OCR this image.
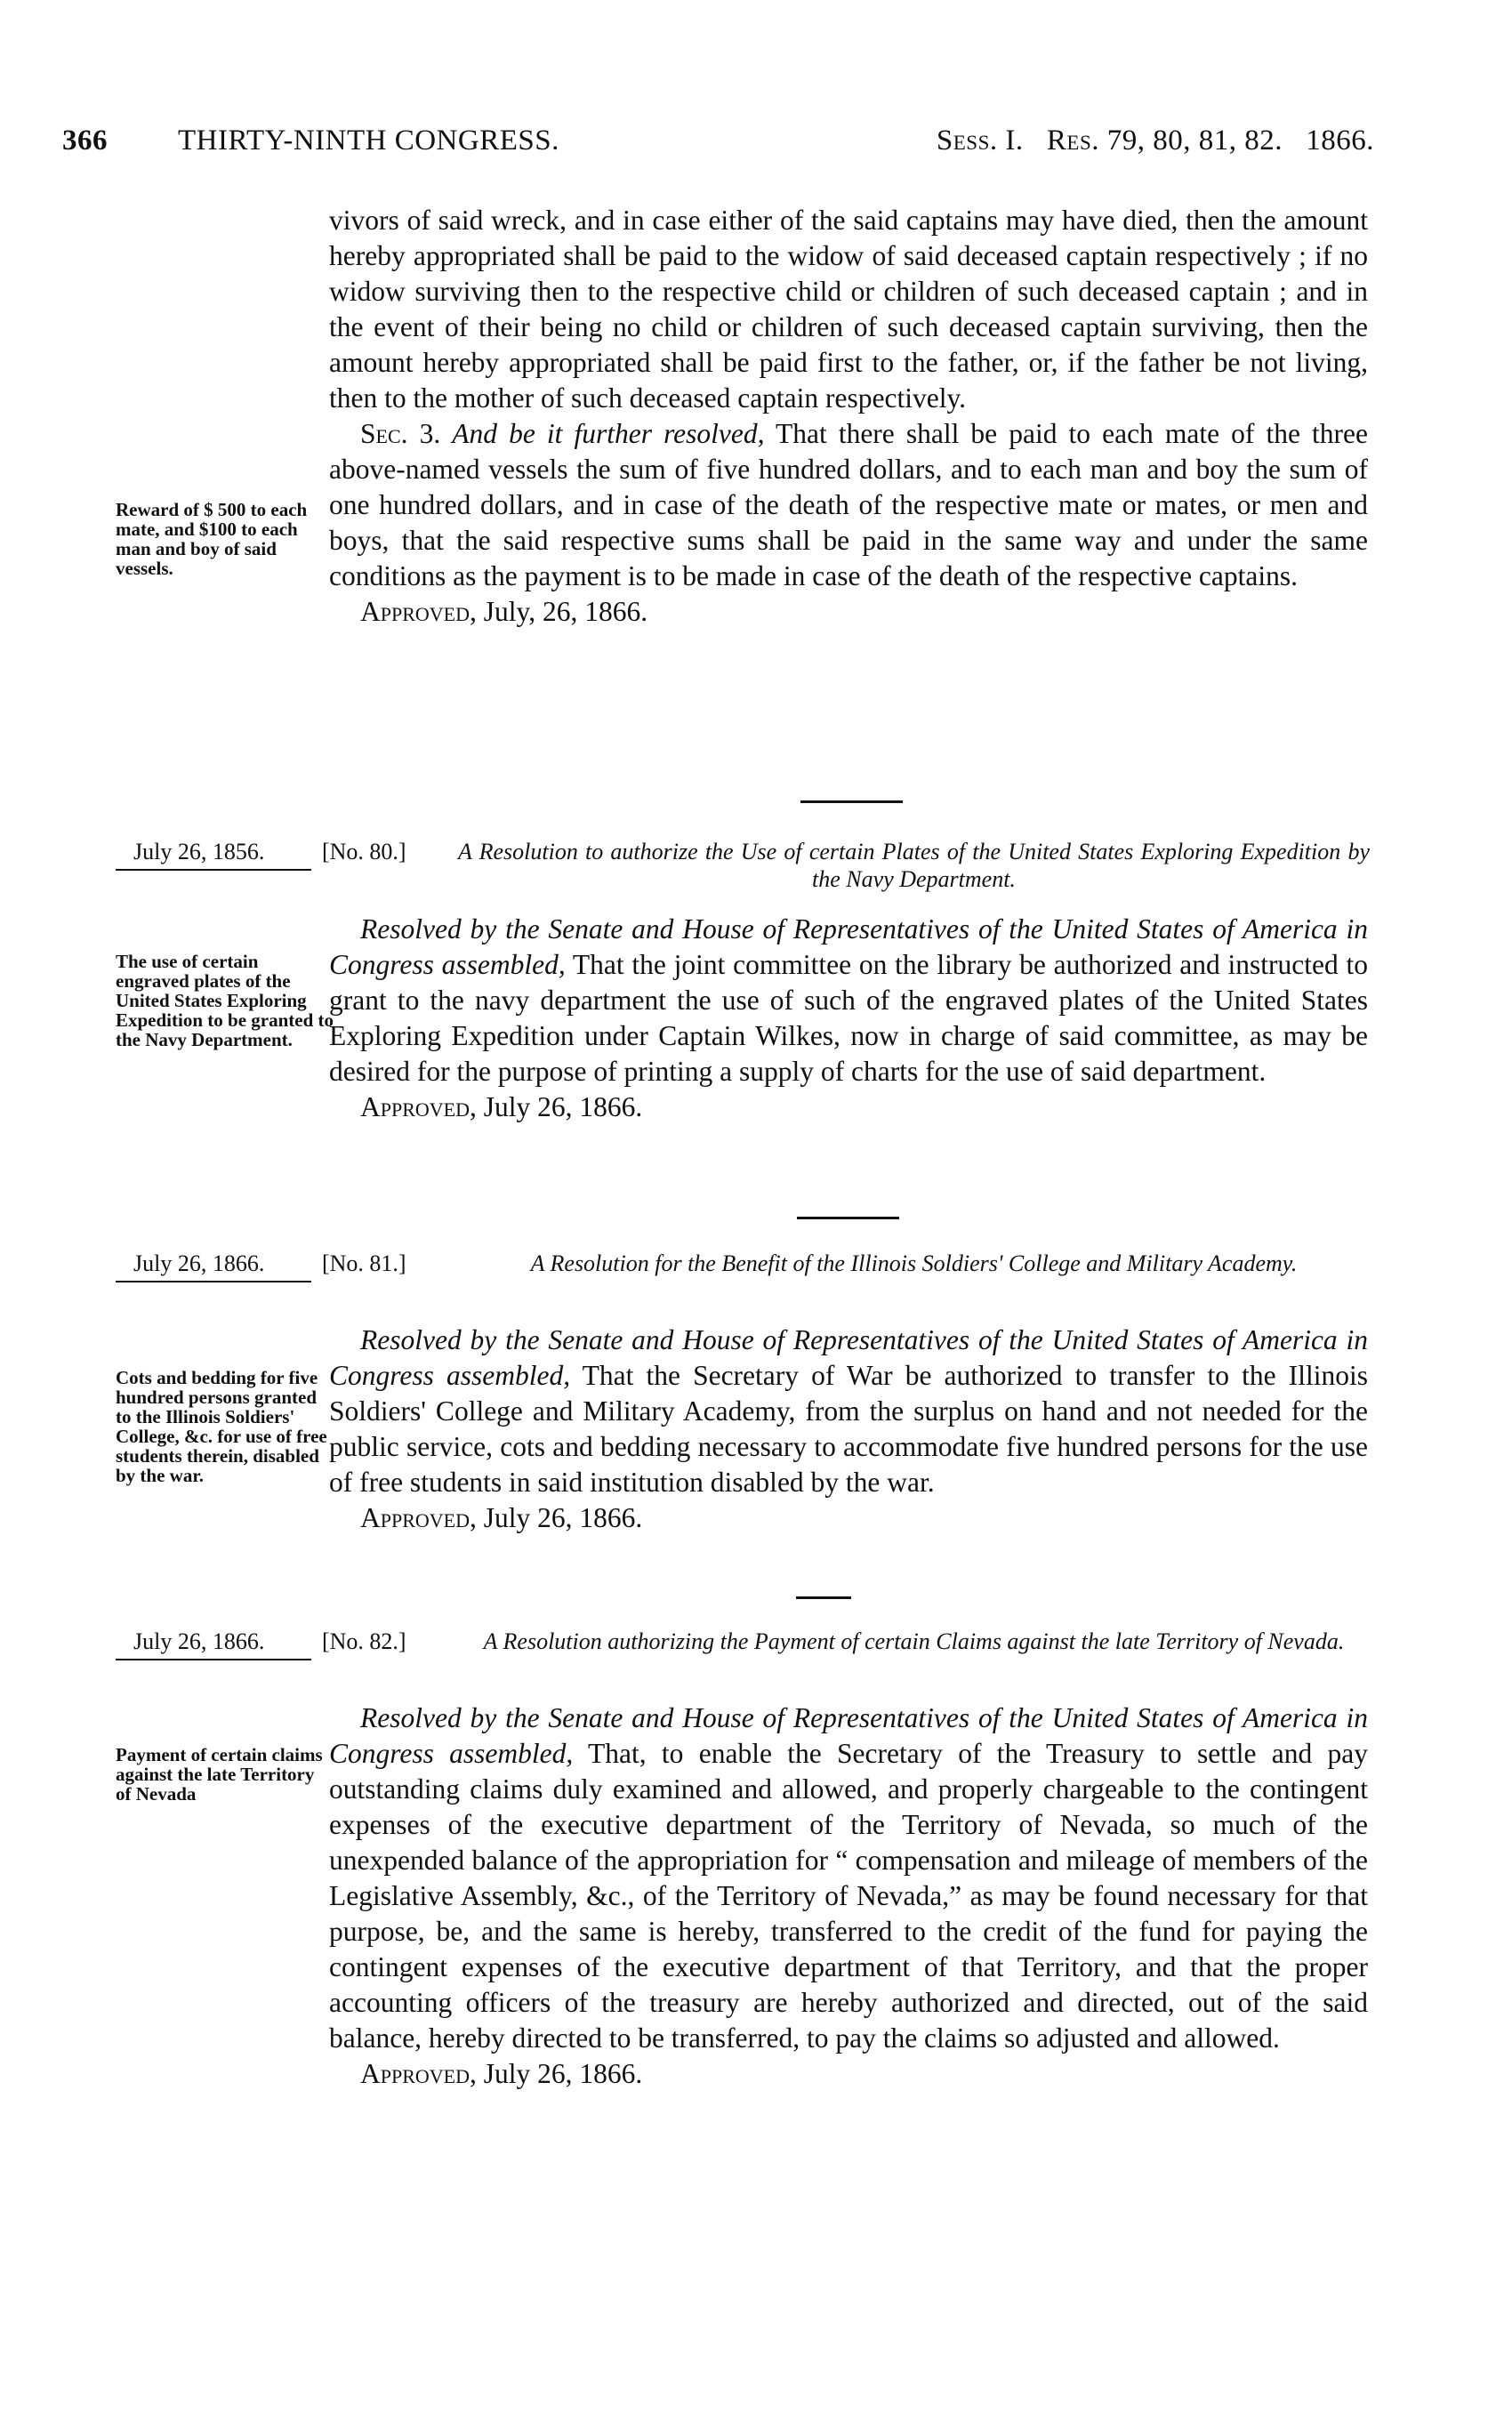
366 THIRTY-NINTH CONGRESS.	Sess. I. Res. 79, 80, 81, 82. 1866.

vivors of said wreck, and in case either of the said captains may have died, then the amount hereby appropriated shall be paid to the widow of said deceased captain respectively ; if no widow surviving then to the respective child or children of such deceased captain ; and in the event of their being no child or children of such deceased captain surviving, then the amount hereby appropriated shall be paid first to the father, or, if the father be not living, then to the mother of such deceased captain respectively.

Sec. 3. And be it further resolved, That there shall be paid to each mate of the three above-named vessels the sum of five hundred dollars, and to each man and boy the sum of one hundred dollars, and in case of the death of the respective mate or mates, or men and boys, that the said respective sums shall be paid in the same way and under the same conditions as the payment is to be made in case of the death of the respective captains.

Approved, July, 26, 1866.

Reward of $ 500 to each mate, and $100 to each man and boy of said vessels.
July 26, 1856.	[No. 80.] A Resolution to authorize the Use of certain Plates of the United States Exploring Expedition by the Navy Department.

Resolved by the Senate and House of Representatives of the United States of America in Congress assembled, That the joint committee on the library be authorized and instructed to grant to the navy department the use of such of the engraved plates of the United States Exploring Expedition under Captain Wilkes, now in charge of said committee, as may be desired for the purpose of printing a supply of charts for the use of said department.

Approved, July 26, 1866.

The use of certain engraved plates of the United States Exploring Expedition to be granted to the Navy Department.
July 26, 1866.	[No. 81.]	A Resolution for the Benefit of the Illinois Soldiers' College and Military Academy.

Resolved by the Senate and House of Representatives of the United States of America in Congress assembled, That the Secretary of War be authorized to transfer to the Illinois Soldiers' College and Military Academy, from the surplus on hand and not needed for the public service, cots and bedding necessary to accommodate five hundred persons for the use of free students in said institution disabled by the war.

Approved, July 26, 1866.

Cots and bedding for five hundred persons granted to the Illinois Soldiers' College, &c. for use of free students therein, disabled by the war.
July 26, 1866.	[No. 82.]	A Resolution authorizing the Payment of certain Claims against the late Territory of Nevada.

Resolved by the Senate and House of Representatives of the United States of America in Congress assembled, That, to enable the Secretary of the Treasury to settle and pay outstanding claims duly examined and allowed, and properly chargeable to the contingent expenses of the executive department of the Territory of Nevada, so much of the unexpended balance of the appropriation for “ compensation and mileage of members of the Legislative Assembly, &c., of the Territory of Nevada,” as may be found necessary for that purpose, be, and the same is hereby, transferred to the credit of the fund for paying the contingent expenses of the executive department of that Territory, and that the proper accounting officers of the treasury are hereby authorized and directed, out of the said balance, hereby directed to be transferred, to pay the claims so adjusted and allowed.

Approved, July 26, 1866.

Payment of certain claims against the late Territory of Nevada
